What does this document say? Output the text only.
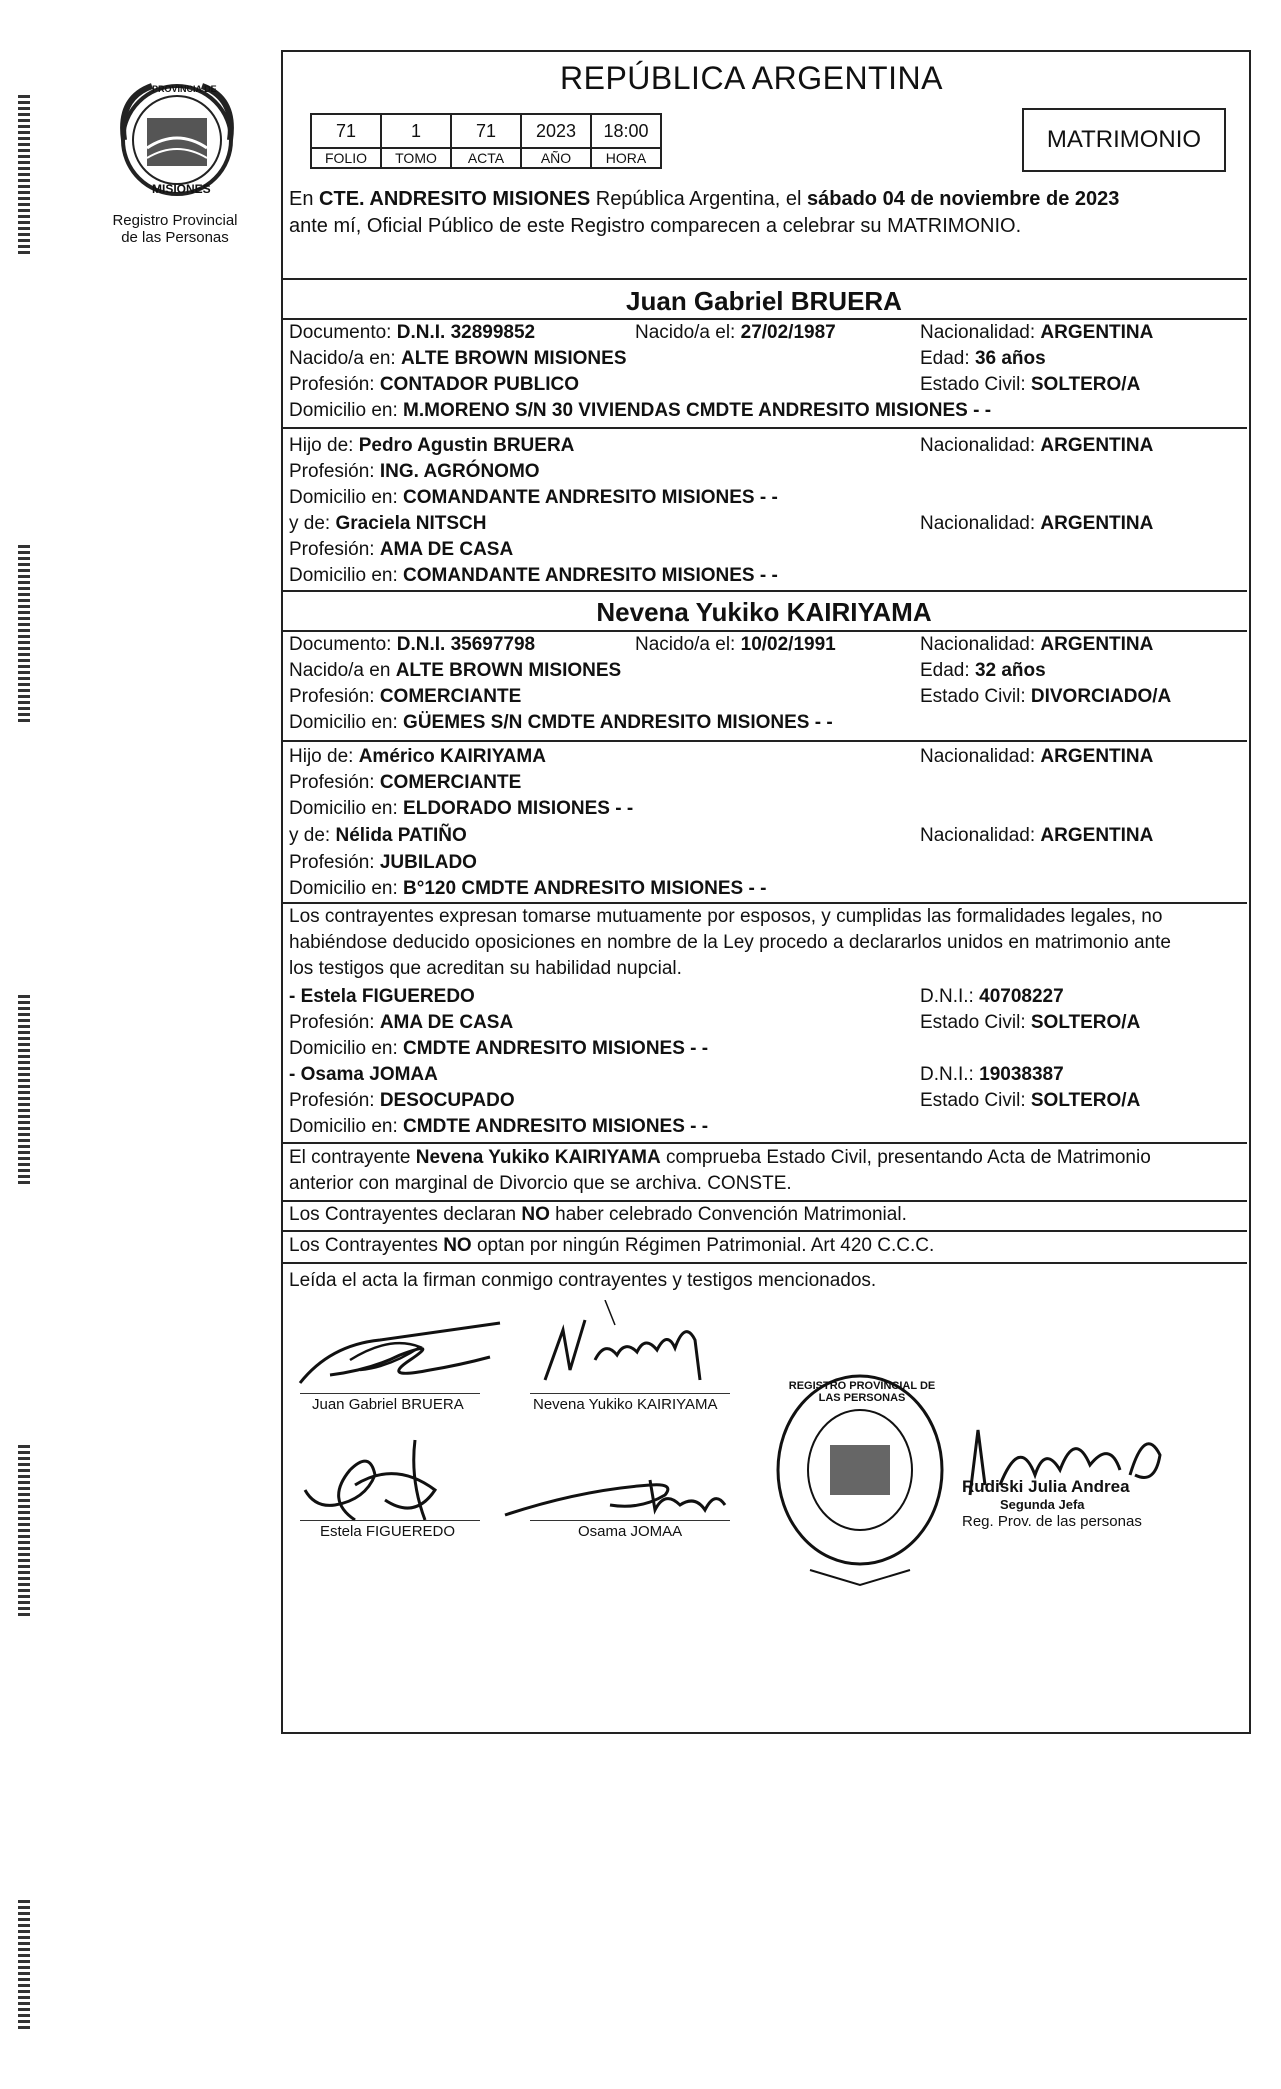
PROVINCIA DE
MISIONES
Registro Provincial
de las Personas
REPÚBLICA ARGENTINA
71	1	71	2023	18:00
FOLIO	TOMO	ACTA	AÑO	HORA
MATRIMONIO
En CTE. ANDRESITO MISIONES República Argentina, el sábado 04 de noviembre de 2023
ante mí, Oficial Público de este Registro comparecen a celebrar su MATRIMONIO.
Juan Gabriel BRUERA
Documento: D.N.I. 32899852	Nacido/a el: 27/02/1987	Nacionalidad: ARGENTINA
Nacido/a en: ALTE BROWN MISIONES	Edad: 36 años
Profesión: CONTADOR PUBLICO	Estado Civil: SOLTERO/A
Domicilio en: M.MORENO S/N 30 VIVIENDAS CMDTE ANDRESITO MISIONES - -
Hijo de: Pedro Agustin BRUERA	Nacionalidad: ARGENTINA
Profesión: ING. AGRÓNOMO
Domicilio en: COMANDANTE ANDRESITO MISIONES - -
y de: Graciela NITSCH	Nacionalidad: ARGENTINA
Profesión: AMA DE CASA
Domicilio en: COMANDANTE ANDRESITO MISIONES - -
Nevena Yukiko KAIRIYAMA
Documento: D.N.I. 35697798	Nacido/a el: 10/02/1991	Nacionalidad: ARGENTINA
Nacido/a en ALTE BROWN MISIONES	Edad: 32 años
Profesión: COMERCIANTE	Estado Civil: DIVORCIADO/A
Domicilio en: GÜEMES S/N CMDTE ANDRESITO MISIONES - -
Hijo de: Américo KAIRIYAMA	Nacionalidad: ARGENTINA
Profesión: COMERCIANTE
Domicilio en: ELDORADO MISIONES - -
y de: Nélida PATIÑO	Nacionalidad: ARGENTINA
Profesión: JUBILADO
Domicilio en: B°120 CMDTE ANDRESITO MISIONES - -
Los contrayentes expresan tomarse mutuamente por esposos, y cumplidas las formalidades legales, no
habiéndose deducido oposiciones en nombre de la Ley procedo a declararlos unidos en matrimonio ante
los testigos que acreditan su habilidad nupcial.
- Estela FIGUEREDO	D.N.I.: 40708227
Profesión: AMA DE CASA	Estado Civil: SOLTERO/A
Domicilio en: CMDTE ANDRESITO MISIONES - -
- Osama JOMAA	D.N.I.: 19038387
Profesión: DESOCUPADO	Estado Civil: SOLTERO/A
Domicilio en: CMDTE ANDRESITO MISIONES - -
El contrayente Nevena Yukiko KAIRIYAMA comprueba Estado Civil, presentando Acta de Matrimonio
anterior con marginal de Divorcio que se archiva. CONSTE.
Los Contrayentes declaran NO haber celebrado Convención Matrimonial.
Los Contrayentes NO optan por ningún Régimen Patrimonial. Art 420 C.C.C.
Leída el acta la firman conmigo contrayentes y testigos mencionados.
Juan Gabriel BRUERA	Nevena Yukiko KAIRIYAMA
Estela FIGUEREDO	Osama JOMAA
REGISTRO PROVINCIAL DE LAS PERSONAS
Rudiski Julia Andrea
Segunda Jefa
Reg. Prov. de las personas
